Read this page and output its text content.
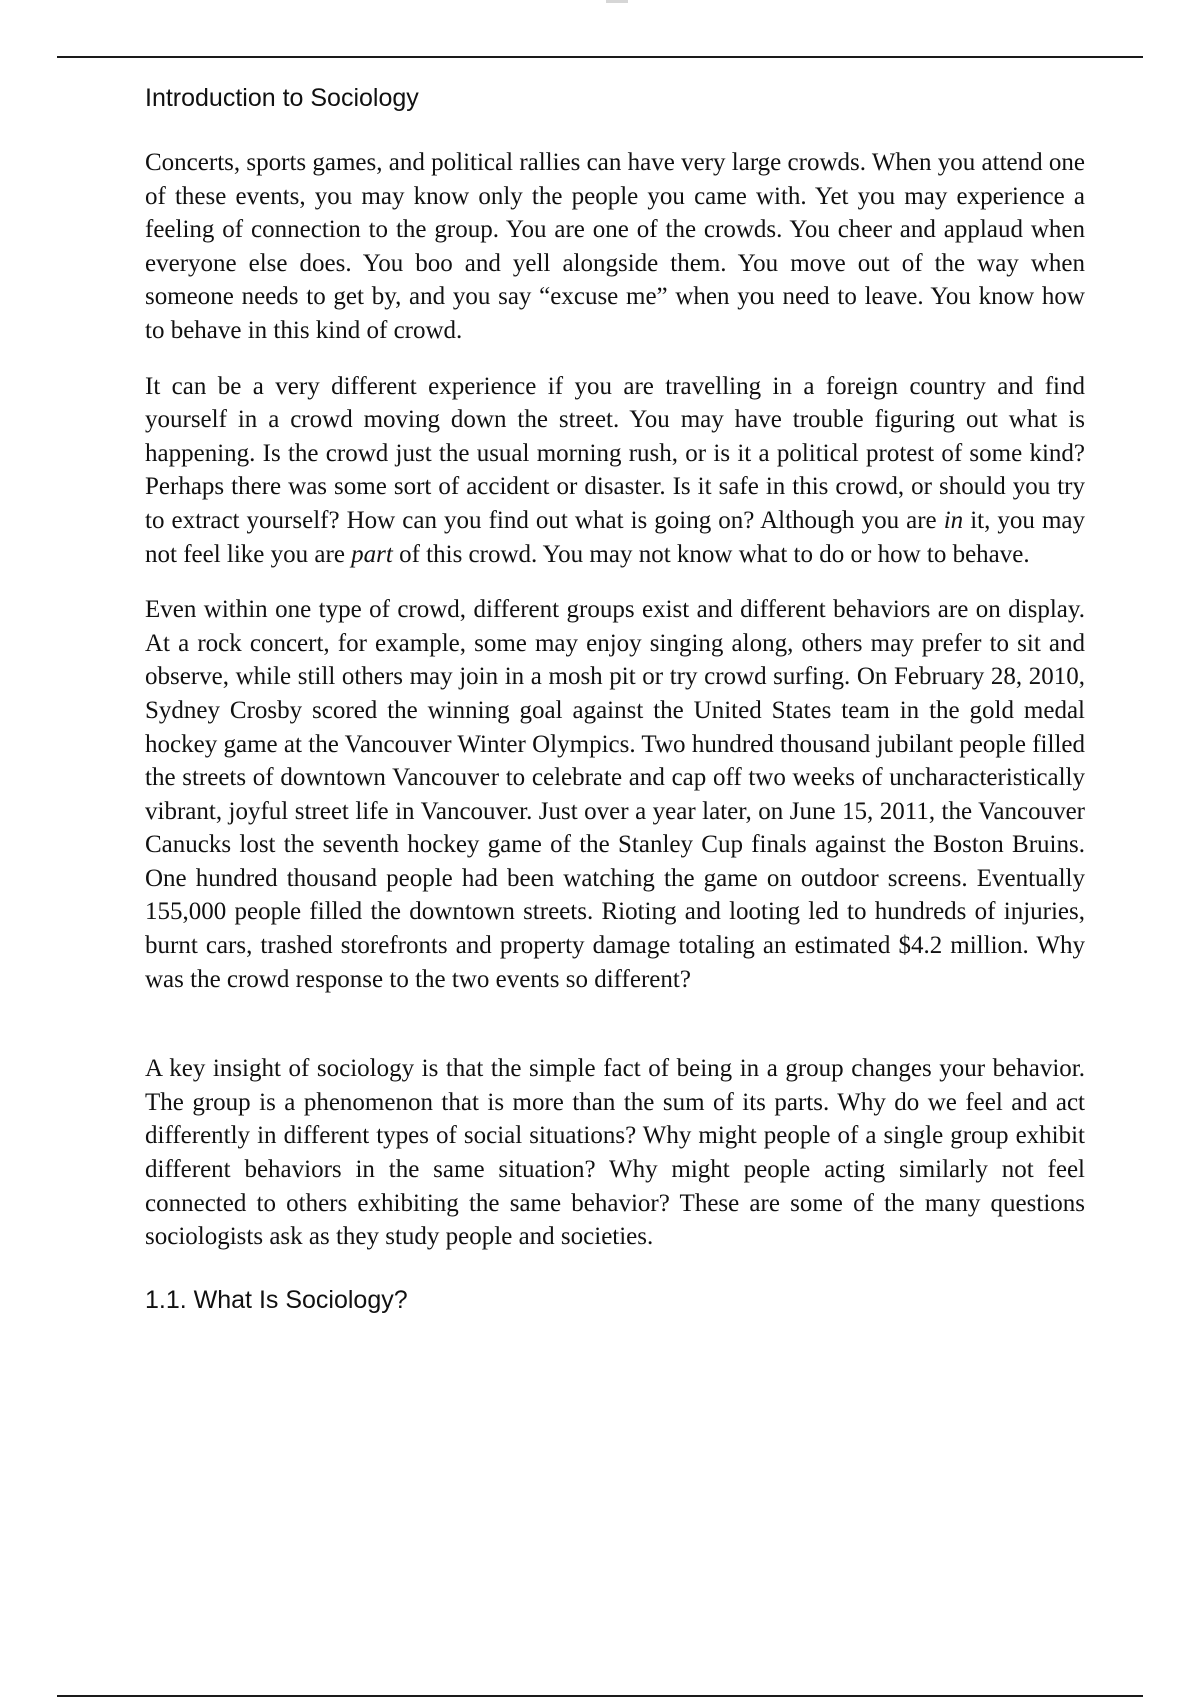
Introduction to Sociology

Concerts, sports games, and political rallies can have very large crowds. When you attend one of these events, you may know only the people you came with. Yet you may experience a feeling of connection to the group. You are one of the crowds. You cheer and applaud when everyone else does. You boo and yell alongside them. You move out of the way when someone needs to get by, and you say “excuse me” when you need to leave. You know how to behave in this kind of crowd.

It can be a very different experience if you are travelling in a foreign country and find yourself in a crowd moving down the street. You may have trouble figuring out what is happening. Is the crowd just the usual morning rush, or is it a political protest of some kind? Perhaps there was some sort of accident or disaster. Is it safe in this crowd, or should you try to extract yourself? How can you find out what is going on? Although you are in it, you may not feel like you are part of this crowd. You may not know what to do or how to behave.

Even within one type of crowd, different groups exist and different behaviors are on display. At a rock concert, for example, some may enjoy singing along, others may prefer to sit and observe, while still others may join in a mosh pit or try crowd surfing. On February 28, 2010, Sydney Crosby scored the winning goal against the United States team in the gold medal hockey game at the Vancouver Winter Olympics. Two hundred thousand jubilant people filled the streets of downtown Vancouver to celebrate and cap off two weeks of uncharacteristically vibrant, joyful street life in Vancouver. Just over a year later, on June 15, 2011, the Vancouver Canucks lost the seventh hockey game of the Stanley Cup finals against the Boston Bruins. One hundred thousand people had been watching the game on outdoor screens. Eventually 155,000 people filled the downtown streets. Rioting and looting led to hundreds of injuries, burnt cars, trashed storefronts and property damage totaling an estimated $4.2 million. Why was the crowd response to the two events so different?

A key insight of sociology is that the simple fact of being in a group changes your behavior. The group is a phenomenon that is more than the sum of its parts. Why do we feel and act differently in different types of social situations? Why might people of a single group exhibit different behaviors in the same situation? Why might people acting similarly not feel connected to others exhibiting the same behavior? These are some of the many questions sociologists ask as they study people and societies.

1.1. What Is Sociology?
